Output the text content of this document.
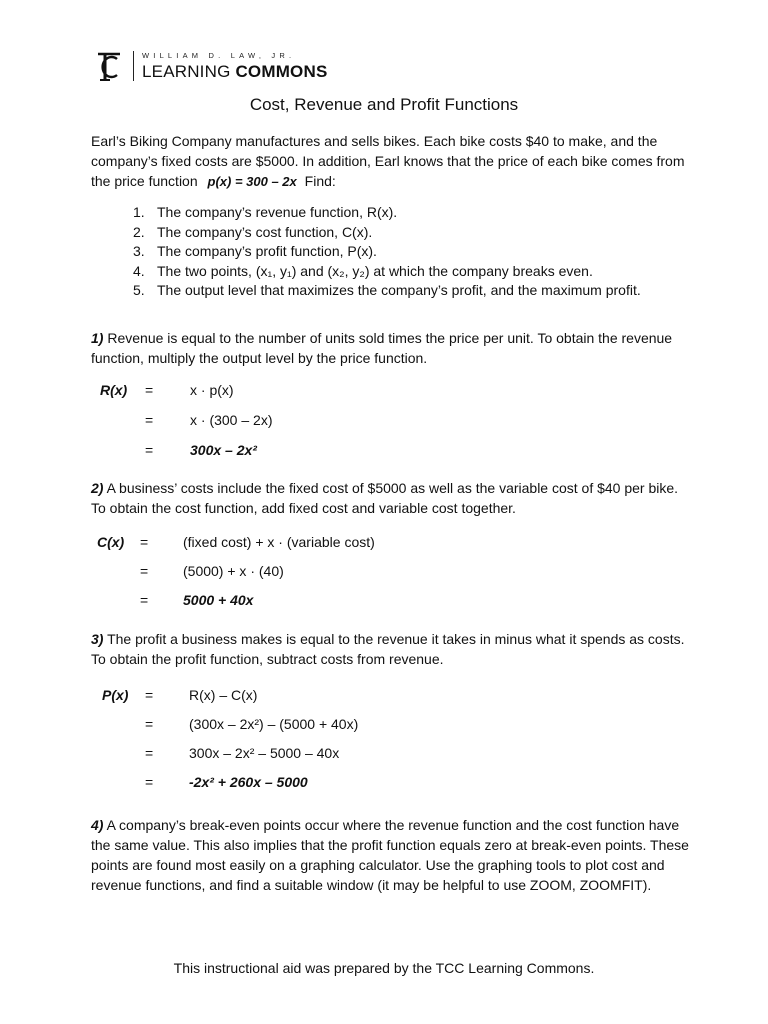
WILLIAM D. LAW, JR.
LEARNING COMMONS
Cost, Revenue and Profit Functions
Earl’s Biking Company manufactures and sells bikes. Each bike costs $40 to make, and the company’s fixed costs are $5000. In addition, Earl knows that the price of each bike comes from the price function p(x) = 300 – 2x Find:
1. The company’s revenue function, R(x).
2. The company’s cost function, C(x).
3. The company’s profit function, P(x).
4. The two points, (x₁, y₁) and (x₂, y₂) at which the company breaks even.
5. The output level that maximizes the company’s profit, and the maximum profit.
1) Revenue is equal to the number of units sold times the price per unit. To obtain the revenue function, multiply the output level by the price function.
R(x) =	x · p(x)
=	x · (300 – 2x)
=	300x – 2x²
2) A business’ costs include the fixed cost of $5000 as well as the variable cost of $40 per bike. To obtain the cost function, add fixed cost and variable cost together.
C(x) = (fixed cost) + x · (variable cost)
= (5000) + x · (40)
= 5000 + 40x
3) The profit a business makes is equal to the revenue it takes in minus what it spends as costs. To obtain the profit function, subtract costs from revenue.
P(x) =	R(x) – C(x)
=	(300x – 2x²) – (5000 + 40x)
=	300x – 2x² – 5000 – 40x
=	-2x² + 260x – 5000
4) A company’s break-even points occur where the revenue function and the cost function have the same value. This also implies that the profit function equals zero at break-even points. These points are found most easily on a graphing calculator. Use the graphing tools to plot cost and revenue functions, and find a suitable window (it may be helpful to use ZOOM, ZOOMFIT).
This instructional aid was prepared by the TCC Learning Commons.
